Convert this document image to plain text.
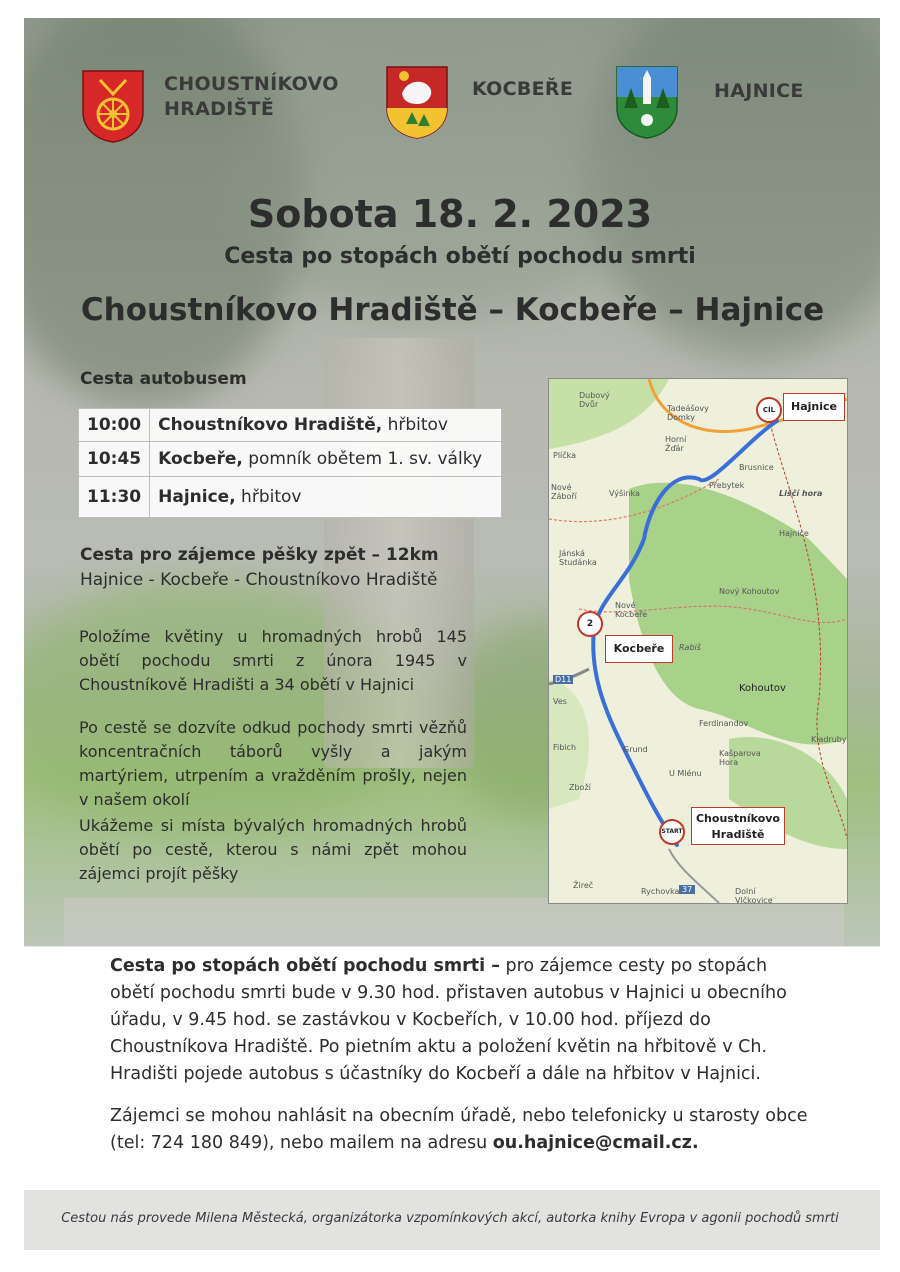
CHOUSTNÍKOVO
HRADIŠTĚ
KOCBEŘE	HAJNICE
Sobota 18. 2. 2023
Cesta po stopách obětí pochodu smrti
Choustníkovo Hradiště – Kocbeře – Hajnice
Cesta autobusem
10:00	Choustníkovo Hradiště, hřbitov
10:45	Kocbeře, pomník obětem 1. sv. války
11:30	Hajnice, hřbitov
Cesta pro zájemce pěšky zpět – 12km
Hajnice - Kocbeře - Choustníkovo Hradiště
Položíme květiny u hromadných hrobů 145 obětí pochodu smrti z února 1945 v Choustníkově Hradišti a 34 obětí v Hajnici
Po cestě se dozvíte odkud pochody smrti vězňů koncentračních táborů vyšly a jakým martýriem, utrpením a vražděním prošly, nejen v našem okolí
Ukážeme si místa bývalých hromadných hrobů obětí po cestě, kterou s námi zpět mohou zájemci projít pěšky
Dubový Dvůr	Tadeášovy Domky
Horní Žďár
Plíčka
Brusnice
Nové Záboří	Výšinka
Přebytek
Liščí hora
Hajnice
Jánská Studánka
Nový Kohoutov
Nové Kocbeře
Rabiš
Kohoutov
Ves
Ferdinandov
Kašparova Hora
Kladruby
Fibich	Grund
U Mlénu
Zboží
Žireč
Rychovka	Dolní Vlčkovice
37
D11
CÍL	Hajnice
2
Kocbeře
START
Choustníkovo Hradiště
Cesta po stopách obětí pochodu smrti – pro zájemce cesty po stopách obětí pochodu smrti bude v 9.30 hod. přistaven autobus v Hajnici u obecního úřadu, v 9.45 hod. se zastávkou v Kocbeřích, v 10.00 hod. příjezd do Choustníkova Hradiště. Po pietním aktu a položení květin na hřbitově v Ch. Hradišti pojede autobus s účastníky do Kocbeří a dále na hřbitov v Hajnici.
Zájemci se mohou nahlásit na obecním úřadě, nebo telefonicky u starosty obce (tel: 724 180 849), nebo mailem na adresu ou.hajnice@cmail.cz.
Cestou nás provede Milena Městecká, organizátorka vzpomínkových akcí, autorka knihy Evropa v agonii pochodů smrti
